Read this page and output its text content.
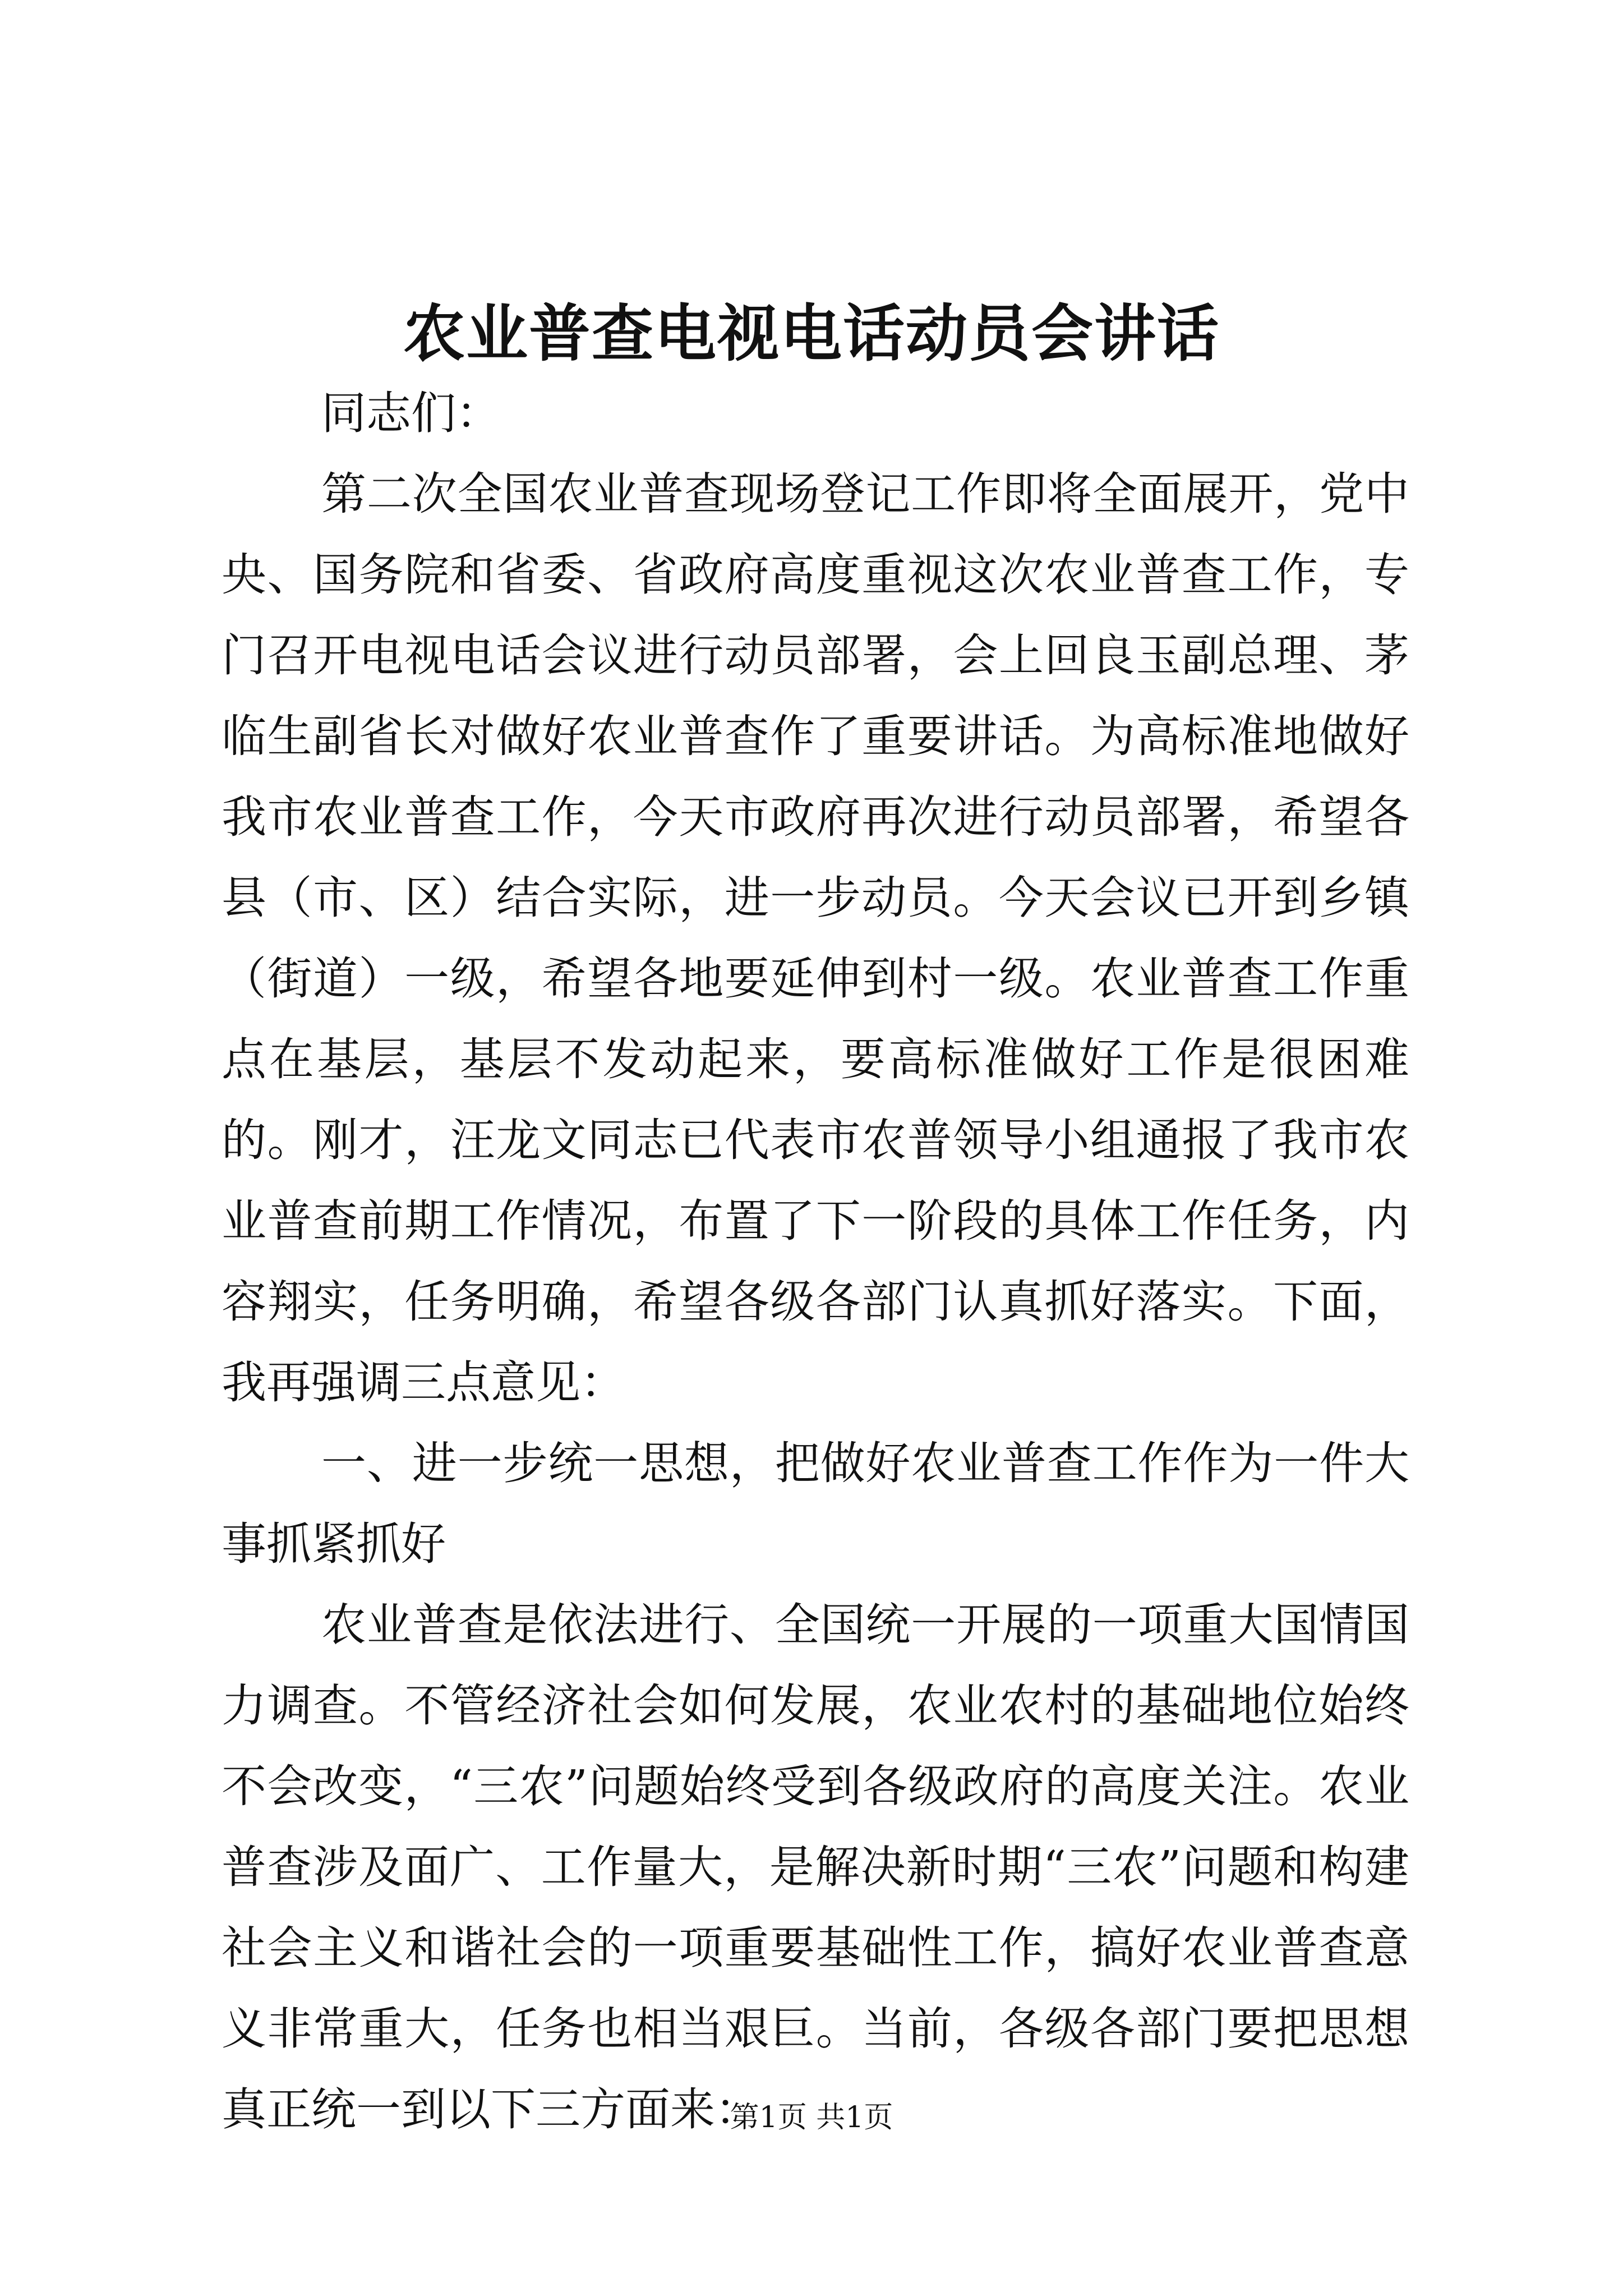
农业普查电视电话动员会讲话

同志们：

第二次全国农业普查现场登记工作即将全面展开，党中央、国务院和省委、省政府高度重视这次农业普查工作，专门召开电视电话会议进行动员部署，会上回良玉副总理、茅临生副省长对做好农业普查作了重要讲话。为高标准地做好我市农业普查工作，今天市政府再次进行动员部署，希望各县（市、区）结合实际，进一步动员。今天会议已开到乡镇（街道）一级，希望各地要延伸到村一级。农业普查工作重点在基层，基层不发动起来，要高标准做好工作是很困难的。刚才，汪龙文同志已代表市农普领导小组通报了我市农业普查前期工作情况，布置了下一阶段的具体工作任务，内容翔实，任务明确，希望各级各部门认真抓好落实。下面，我再强调三点意见：

一、进一步统一思想，把做好农业普查工作作为一件大事抓紧抓好

农业普查是依法进行、全国统一开展的一项重大国情国力调查。不管经济社会如何发展，农业农村的基础地位始终不会改变，“三农”问题始终受到各级政府的高度关注。农业普查涉及面广、工作量大，是解决新时期“三农”问题和构建社会主义和谐社会的一项重要基础性工作，搞好农业普查意义非常重大，任务也相当艰巨。当前，各级各部门要把思想真正统一到以下三方面来：

第1页 共1页
